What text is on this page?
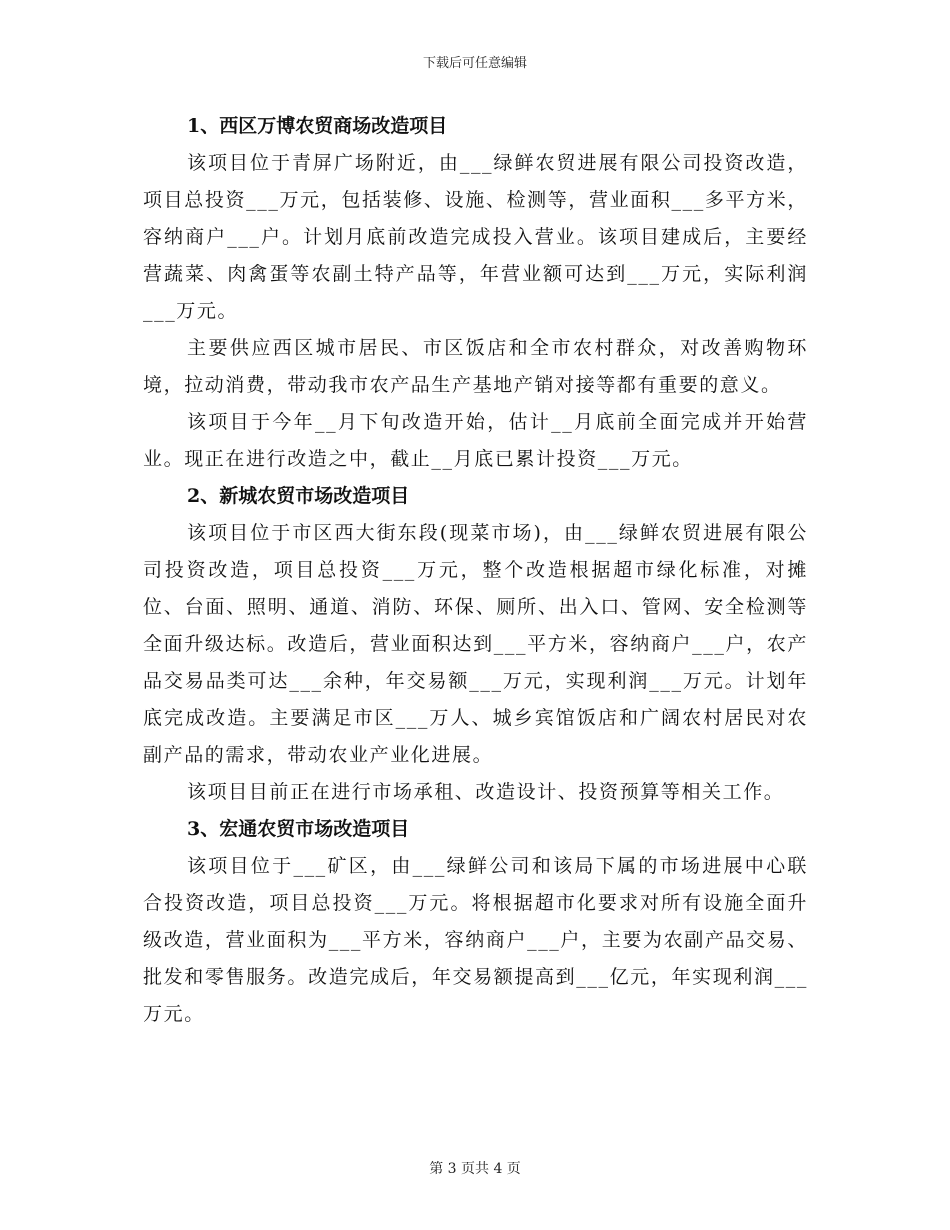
下载后可任意编辑
1、西区万博农贸商场改造项目

该项目位于青屏广场附近，由___绿鲜农贸进展有限公司投资改造，项目总投资___万元，包括装修、设施、检测等，营业面积___多平方米，容纳商户___户。计划月底前改造完成投入营业。该项目建成后，主要经营蔬菜、肉禽蛋等农副土特产品等，年营业额可达到___万元，实际利润___万元。

主要供应西区城市居民、市区饭店和全市农村群众，对改善购物环境，拉动消费，带动我市农产品生产基地产销对接等都有重要的意义。

该项目于今年__月下旬改造开始，估计__月底前全面完成并开始营业。现正在进行改造之中，截止__月底已累计投资___万元。

2、新城农贸市场改造项目

该项目位于市区西大街东段(现菜市场)，由___绿鲜农贸进展有限公司投资改造，项目总投资___万元，整个改造根据超市绿化标准，对摊位、台面、照明、通道、消防、环保、厕所、出入口、管网、安全检测等全面升级达标。改造后，营业面积达到___平方米，容纳商户___户，农产品交易品类可达___余种，年交易额___万元，实现利润___万元。计划年底完成改造。主要满足市区___万人、城乡宾馆饭店和广阔农村居民对农副产品的需求，带动农业产业化进展。

该项目目前正在进行市场承租、改造设计、投资预算等相关工作。

3、宏通农贸市场改造项目

该项目位于___矿区，由___绿鲜公司和该局下属的市场进展中心联合投资改造，项目总投资___万元。将根据超市化要求对所有设施全面升级改造，营业面积为___平方米，容纳商户___户，主要为农副产品交易、批发和零售服务。改造完成后，年交易额提高到___亿元，年实现利润___万元。

第 3 页共 4 页
